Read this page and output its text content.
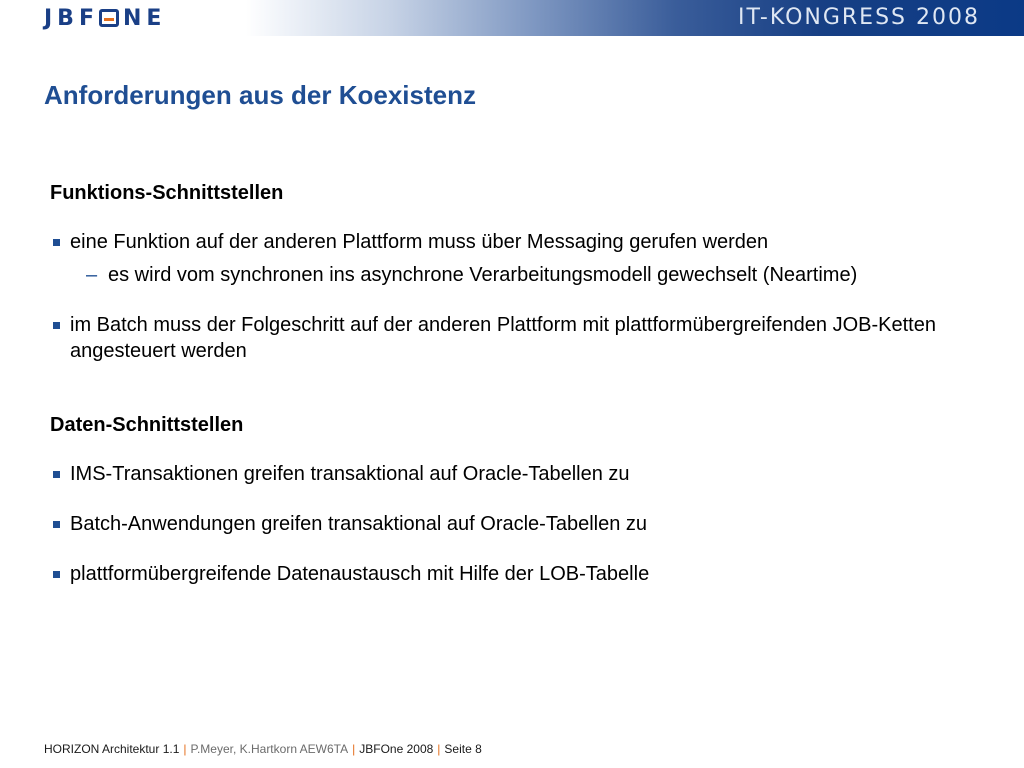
JBF NE	IT-KONGRESS 2008
Anforderungen aus der Koexistenz

Funktions-Schnittstellen

eine Funktion auf der anderen Plattform muss über Messaging gerufen werden
– es wird vom synchronen ins asynchrone Verarbeitungsmodell gewechselt (Neartime)
im Batch muss der Folgeschritt auf der anderen Plattform mit plattformübergreifenden JOB-Ketten angesteuert werden

Daten-Schnittstellen

IMS-Transaktionen greifen transaktional auf Oracle-Tabellen zu
Batch-Anwendungen greifen transaktional auf Oracle-Tabellen zu
plattformübergreifende Datenaustausch mit Hilfe der LOB-Tabelle
HORIZON Architektur 1.1 | P.Meyer, K.Hartkorn AEW6TA | JBFOne 2008 | Seite 8
